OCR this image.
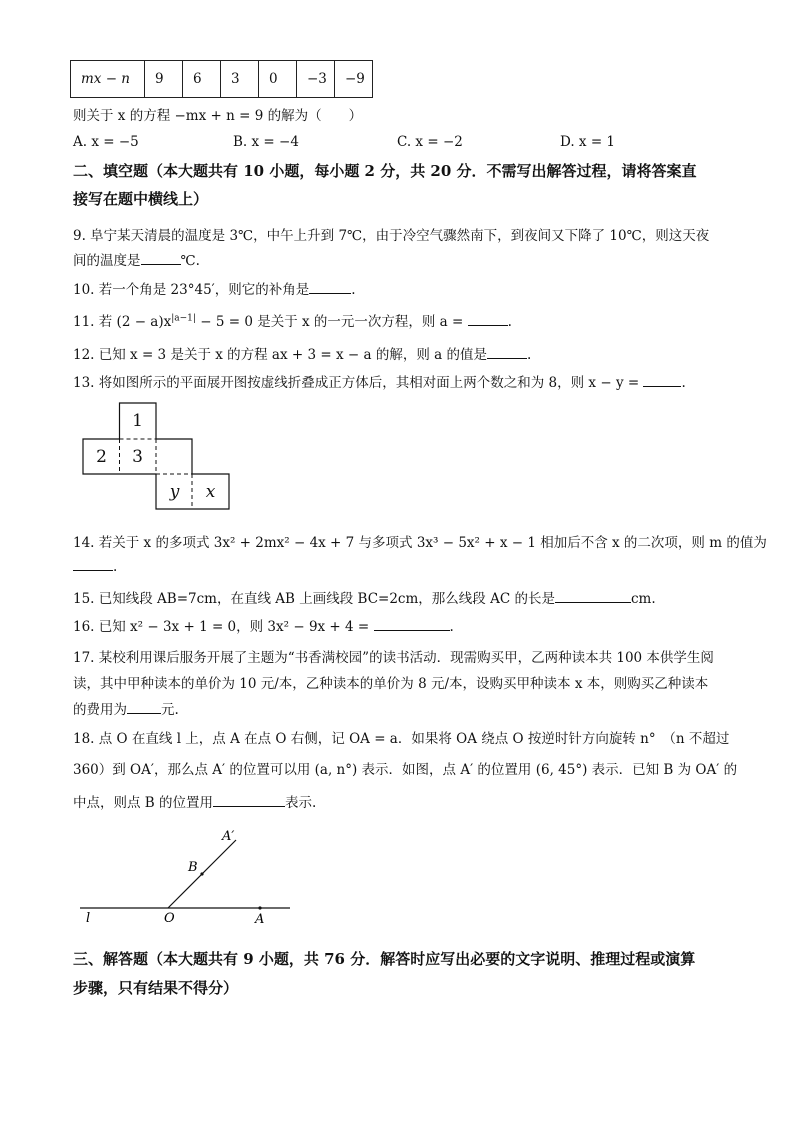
mx − n	9	6	3	0	−3	−9
则关于 x 的方程 −mx + n = 9 的解为（　　）
A. x = −5	B. x = −4	C. x = −2	D. x = 1
二、填空题（本大题共有 10 小题，每小题 2 分，共 20 分．不需写出解答过程，请将答案直
接写在题中横线上）
9. 阜宁某天清晨的温度是 3℃，中午上升到 7℃，由于冷空气骤然南下，到夜间又下降了 10℃，则这天夜
间的温度是	℃.
10. 若一个角是 23°45′，则它的补角是	.
11. 若 $(2 - a)x^{|a-1|} - 5 = 0$ 是关于 x 的一元一次方程，则 a =	.
12. 已知 x = 3 是关于 x 的方程 ax + 3 = x − a 的解，则 a 的值是	.
13. 将如图所示的平面展开图按虚线折叠成正方体后，其相对面上两个数之和为 8，则 x − y =	.
1
2	3
y	x
14. 若关于 x 的多项式 3x² + 2mx² − 4x + 7 与多项式 3x³ − 5x² + x − 1 相加后不含 x 的二次项，则 m 的值为
.
15. 已知线段 AB=7cm，在直线 AB 上画线段 BC=2cm，那么线段 AC 的长是	cm.
16. 已知 x² − 3x + 1 = 0，则 3x² − 9x + 4 =	.
17. 某校利用课后服务开展了主题为“书香满校园”的读书活动．现需购买甲，乙两种读本共 100 本供学生阅
读，其中甲种读本的单价为 10 元/本，乙种读本的单价为 8 元/本，设购买甲种读本 x 本，则购买乙种读本
的费用为	元.
18. 点 O 在直线 l 上，点 A 在点 O 右侧，记 OA = a．如果将 OA 绕点 O 按逆时针方向旋转 n°　（n 不超过
360）到 OA′，那么点 A′ 的位置可以用 (a, n°) 表示．如图，点 A′ 的位置用 (6, 45°) 表示．已知 B 为 OA′ 的
中点，则点 B 的位置用	表示.
l	O	A
B
A′
三、解答题（本大题共有 9 小题，共 76 分．解答时应写出必要的文字说明、推理过程或演算
步骤，只有结果不得分）
